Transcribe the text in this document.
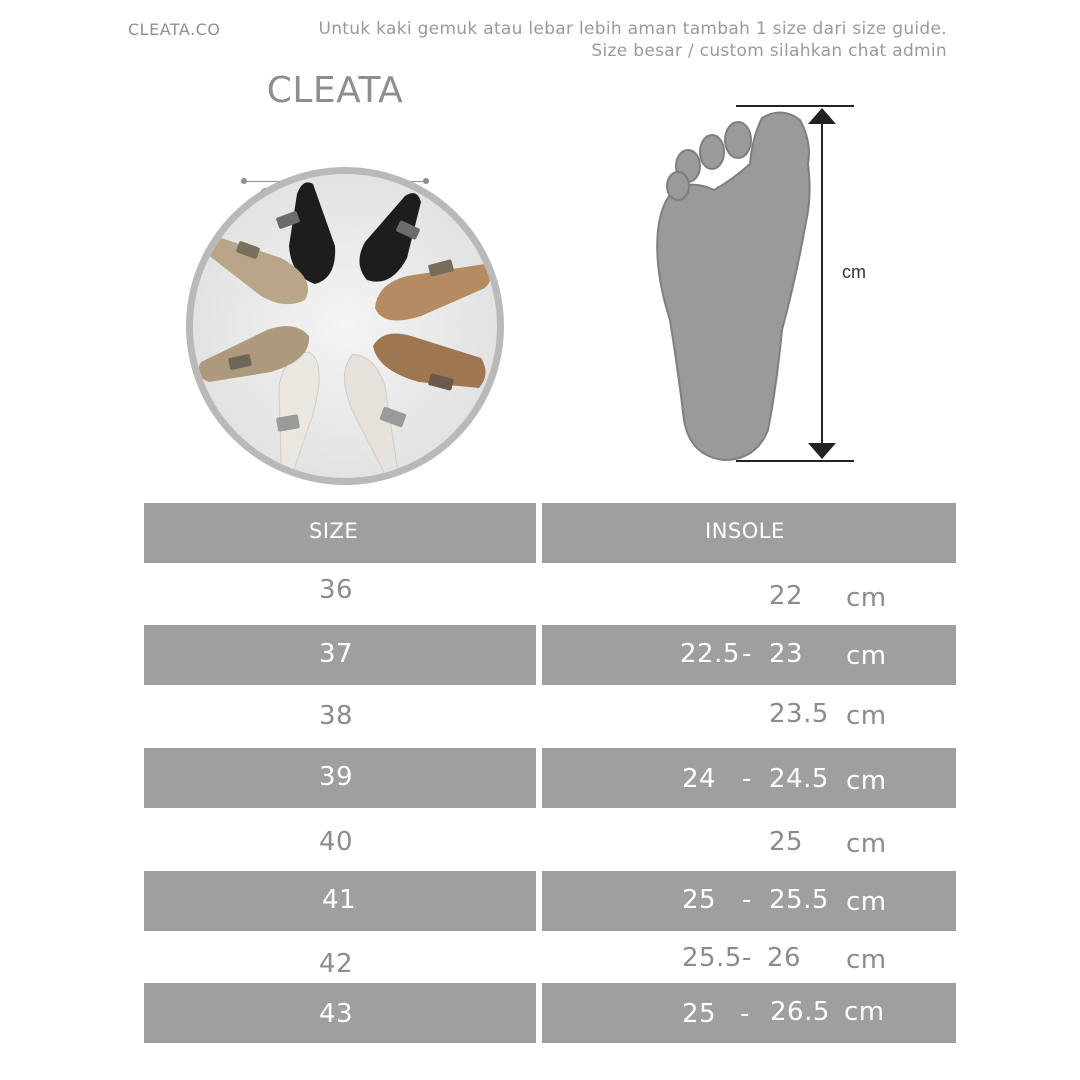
CLEATA.CO	Untuk kaki gemuk atau lebar lebih aman tambah 1 size dari size guide.
Size besar / custom silahkan chat admin
CLEATA
cm
SIZE	INSOLE
36	22 cm
37	22.5 - 23 cm
38	23.5 cm
39	24 - 24.5 cm
40	25 cm
41	25 - 25.5 cm
42	25.5 - 26 cm
43	25 - 26.5 cm
